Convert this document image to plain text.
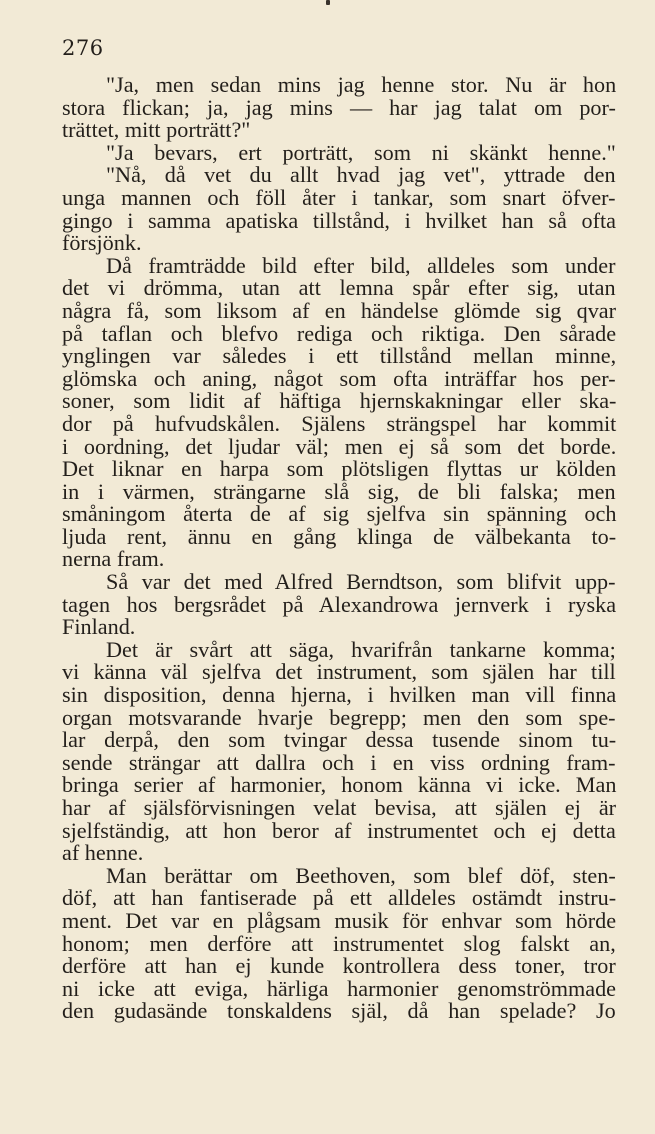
276
"Ja, men sedan mins jag henne stor. Nu är hon
stora flickan; ja, jag mins — har jag talat om por-
trättet, mitt porträtt?"
"Ja bevars, ert porträtt, som ni skänkt henne."
"Nå, då vet du allt hvad jag vet", yttrade den
unga mannen och föll åter i tankar, som snart öfver-
gingo i samma apatiska tillstånd, i hvilket han så ofta
försjönk.
Då framträdde bild efter bild, alldeles som under
det vi drömma, utan att lemna spår efter sig, utan
några få, som liksom af en händelse glömde sig qvar
på taflan och blefvo rediga och riktiga. Den sårade
ynglingen var således i ett tillstånd mellan minne,
glömska och aning, något som ofta inträffar hos per-
soner, som lidit af häftiga hjernskakningar eller ska-
dor på hufvudskålen. Själens strängspel har kommit
i oordning, det ljudar väl; men ej så som det borde.
Det liknar en harpa som plötsligen flyttas ur kölden
in i värmen, strängarne slå sig, de bli falska; men
småningom återta de af sig sjelfva sin spänning och
ljuda rent, ännu en gång klinga de välbekanta to-
nerna fram.
Så var det med Alfred Berndtson, som blifvit upp-
tagen hos bergsrådet på Alexandrowa jernverk i ryska
Finland.
Det är svårt att säga, hvarifrån tankarne komma;
vi känna väl sjelfva det instrument, som själen har till
sin disposition, denna hjerna, i hvilken man vill finna
organ motsvarande hvarje begrepp; men den som spe-
lar derpå, den som tvingar dessa tusende sinom tu-
sende strängar att dallra och i en viss ordning fram-
bringa serier af harmonier, honom känna vi icke. Man
har af själsförvisningen velat bevisa, att själen ej är
sjelfständig, att hon beror af instrumentet och ej detta
af henne.
Man berättar om Beethoven, som blef döf, sten-
döf, att han fantiserade på ett alldeles ostämdt instru-
ment. Det var en plågsam musik för enhvar som hörde
honom; men derföre att instrumentet slog falskt an,
derföre att han ej kunde kontrollera dess toner, tror
ni icke att eviga, härliga harmonier genomströmmade
den gudasände tonskaldens själ, då han spelade? Jo
